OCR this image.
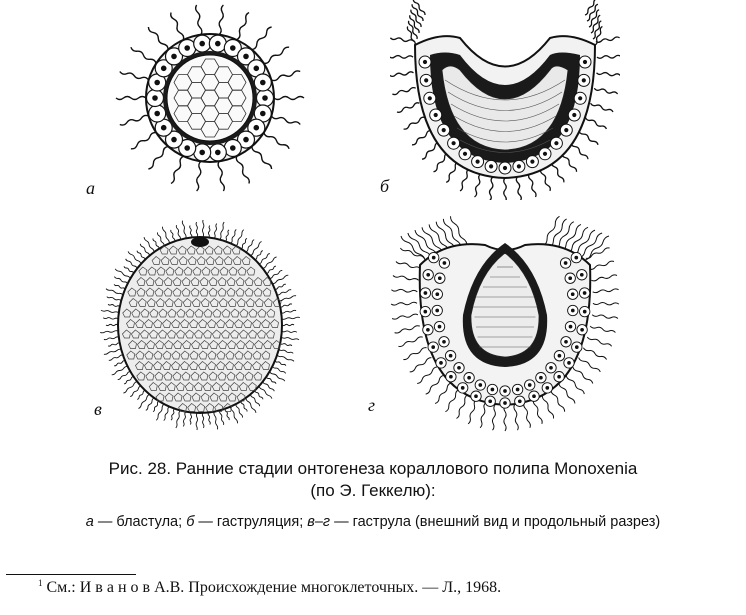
а	б
в	г
Рис. 28. Ранние стадии онтогенеза кораллового полипа Monoxenia
(по Э. Геккелю):
а — бластула; б — гаструляция; в–г — гаструла (внешний вид и продольный разрез)
$^1$ См.: И в а н о в А.В. Происхождение многоклеточных. — Л., 1968.
